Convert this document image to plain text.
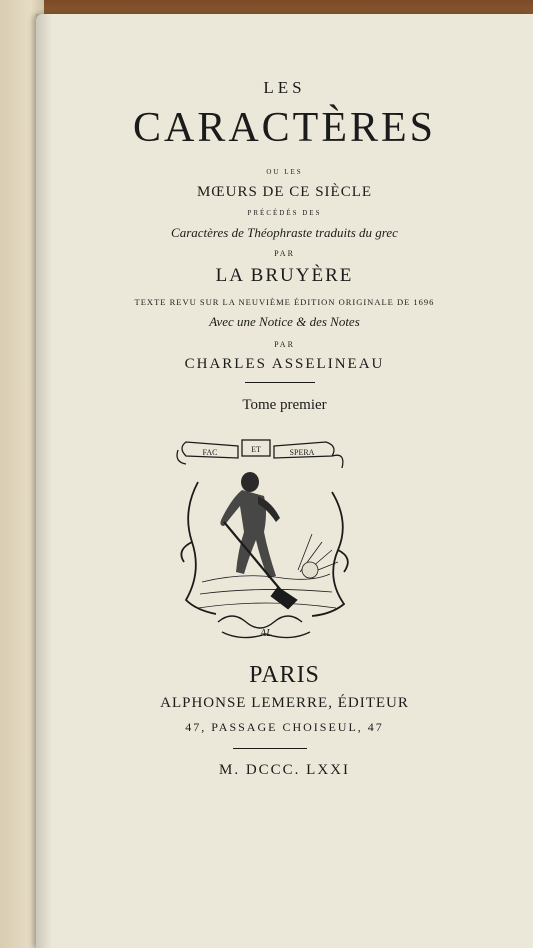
LES

CARACTÈRES

OU LES

MŒURS DE CE SIÈCLE

PRÉCÉDÉS DES

Caractères de Théophraste traduits du grec

PAR

LA BRUYÈRE

TEXTE REVU SUR LA NEUVIÈME ÉDITION ORIGINALE DE 1696

Avec une Notice & des Notes

PAR

CHARLES ASSELINEAU

Tome premier

FAC	ET	SPERA
AL

PARIS

ALPHONSE LEMERRE, ÉDITEUR

47, PASSAGE CHOISEUL, 47

M. DCCC. LXXI
